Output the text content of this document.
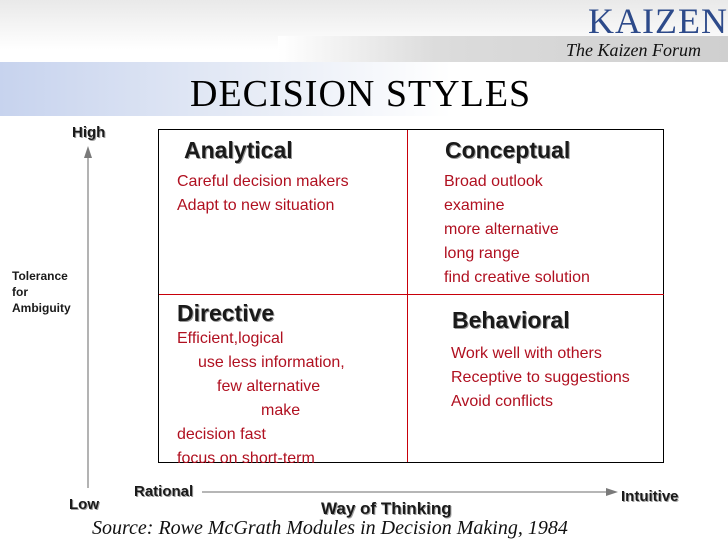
KAIZEN
The Kaizen Forum
DECISION STYLES
Analytical
Careful decision makers
Adapt to new situation
Conceptual
Broad outlook
examine
more alternative
long range
find creative solution
Directive
Efficient,logical
use less information,
few alternative
make
decision fast
focus on short-term
Behavioral
Work well with others
Receptive to suggestions
Avoid conflicts
High
Low
Tolerance
for
Ambiguity
Rational	Intuitive
Way of Thinking
Source: Rowe McGrath Modules in Decision Making, 1984
